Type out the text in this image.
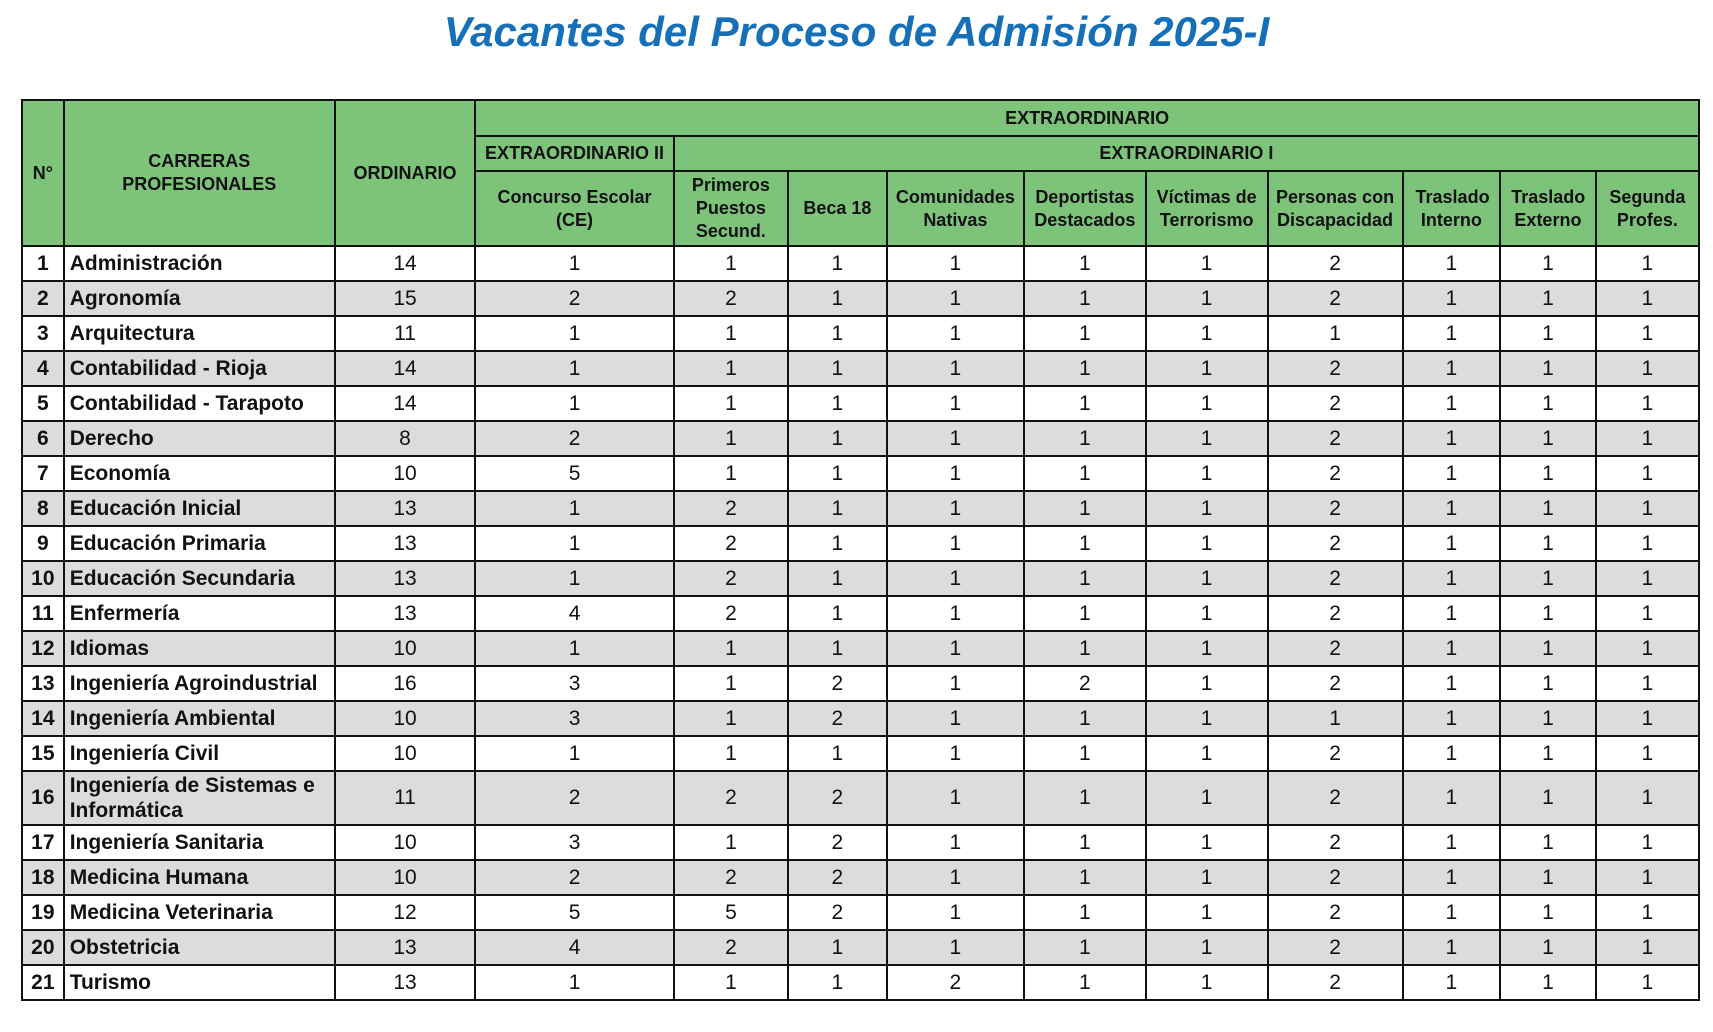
Vacantes del Proceso de Admisión 2025-I
N°	CARRERAS PROFESIONALES	ORDINARIO	EXTRAORDINARIO									
			EXTRAORDINARIO II	EXTRAORDINARIO I								
			Concurso Escolar (CE)	Primeros Puestos Secund.	Beca 18	Comunidades Nativas	Deportistas Destacados	Víctimas de Terrorismo	Personas con Discapacidad	Traslado Interno	Traslado Externo	Segunda Profes.
1	Administración	14	1	1	1	1	1	1	2	1	1	1
2	Agronomía	15	2	2	1	1	1	1	2	1	1	1
3	Arquitectura	11	1	1	1	1	1	1	1	1	1	1
4	Contabilidad - Rioja	14	1	1	1	1	1	1	2	1	1	1
5	Contabilidad - Tarapoto	14	1	1	1	1	1	1	2	1	1	1
6	Derecho	8	2	1	1	1	1	1	2	1	1	1
7	Economía	10	5	1	1	1	1	1	2	1	1	1
8	Educación Inicial	13	1	2	1	1	1	1	2	1	1	1
9	Educación Primaria	13	1	2	1	1	1	1	2	1	1	1
10	Educación Secundaria	13	1	2	1	1	1	1	2	1	1	1
11	Enfermería	13	4	2	1	1	1	1	2	1	1	1
12	Idiomas	10	1	1	1	1	1	1	2	1	1	1
13	Ingeniería Agroindustrial	16	3	1	2	1	2	1	2	1	1	1
14	Ingeniería Ambiental	10	3	1	2	1	1	1	1	1	1	1
15	Ingeniería Civil	10	1	1	1	1	1	1	2	1	1	1
16	Ingeniería de Sistemas e Informática	11	2	2	2	1	1	1	2	1	1	1
17	Ingeniería Sanitaria	10	3	1	2	1	1	1	2	1	1	1
18	Medicina Humana	10	2	2	2	1	1	1	2	1	1	1
19	Medicina Veterinaria	12	5	5	2	1	1	1	2	1	1	1
20	Obstetricia	13	4	2	1	1	1	1	2	1	1	1
21	Turismo	13	1	1	1	2	1	1	2	1	1	1
